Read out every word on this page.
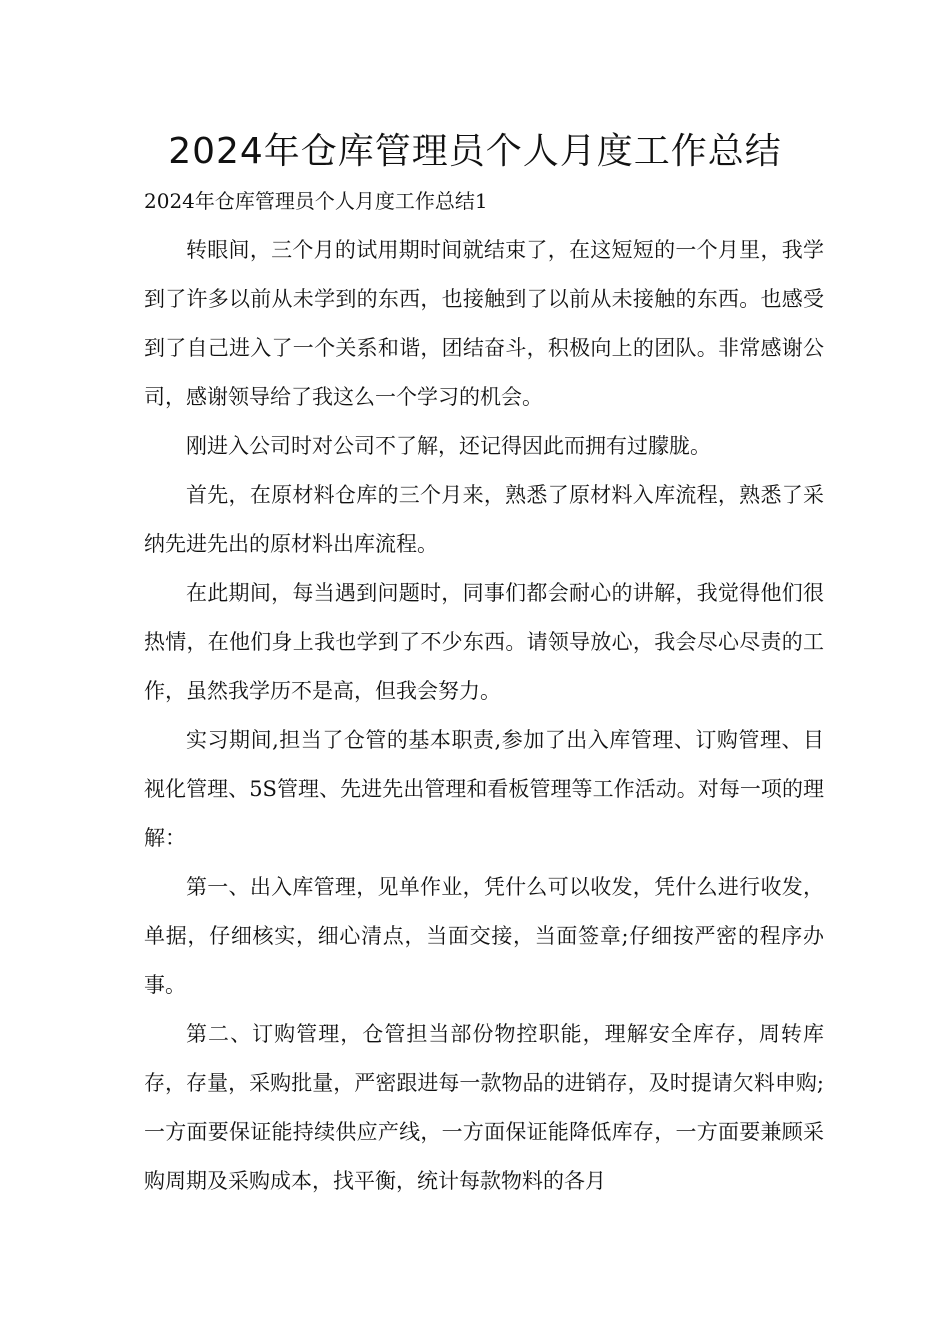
2024年仓库管理员个人月度工作总结
2024年仓库管理员个人月度工作总结1

转眼间，三个月的试用期时间就结束了，在这短短的一个月里，我学到了许多以前从未学到的东西，也接触到了以前从未接触的东西。也感受到了自己进入了一个关系和谐，团结奋斗，积极向上的团队。非常感谢公司，感谢领导给了我这么一个学习的机会。

刚进入公司时对公司不了解，还记得因此而拥有过朦胧。

首先，在原材料仓库的三个月来，熟悉了原材料入库流程，熟悉了采纳先进先出的原材料出库流程。

在此期间，每当遇到问题时，同事们都会耐心的讲解，我觉得他们很热情，在他们身上我也学到了不少东西。请领导放心，我会尽心尽责的工作，虽然我学历不是高，但我会努力。

实习期间,担当了仓管的基本职责,参加了出入库管理、订购管理、目视化管理、5S管理、先进先出管理和看板管理等工作活动。对每一项的理解：

第一、出入库管理，见单作业，凭什么可以收发，凭什么进行收发，单据，仔细核实，细心清点，当面交接，当面签章;仔细按严密的程序办事。

第二、订购管理，仓管担当部份物控职能，理解安全库存，周转库存，存量，采购批量，严密跟进每一款物品的进销存，及时提请欠料申购;一方面要保证能持续供应产线，一方面保证能降低库存，一方面要兼顾采购周期及采购成本，找平衡，统计每款物料的各月
